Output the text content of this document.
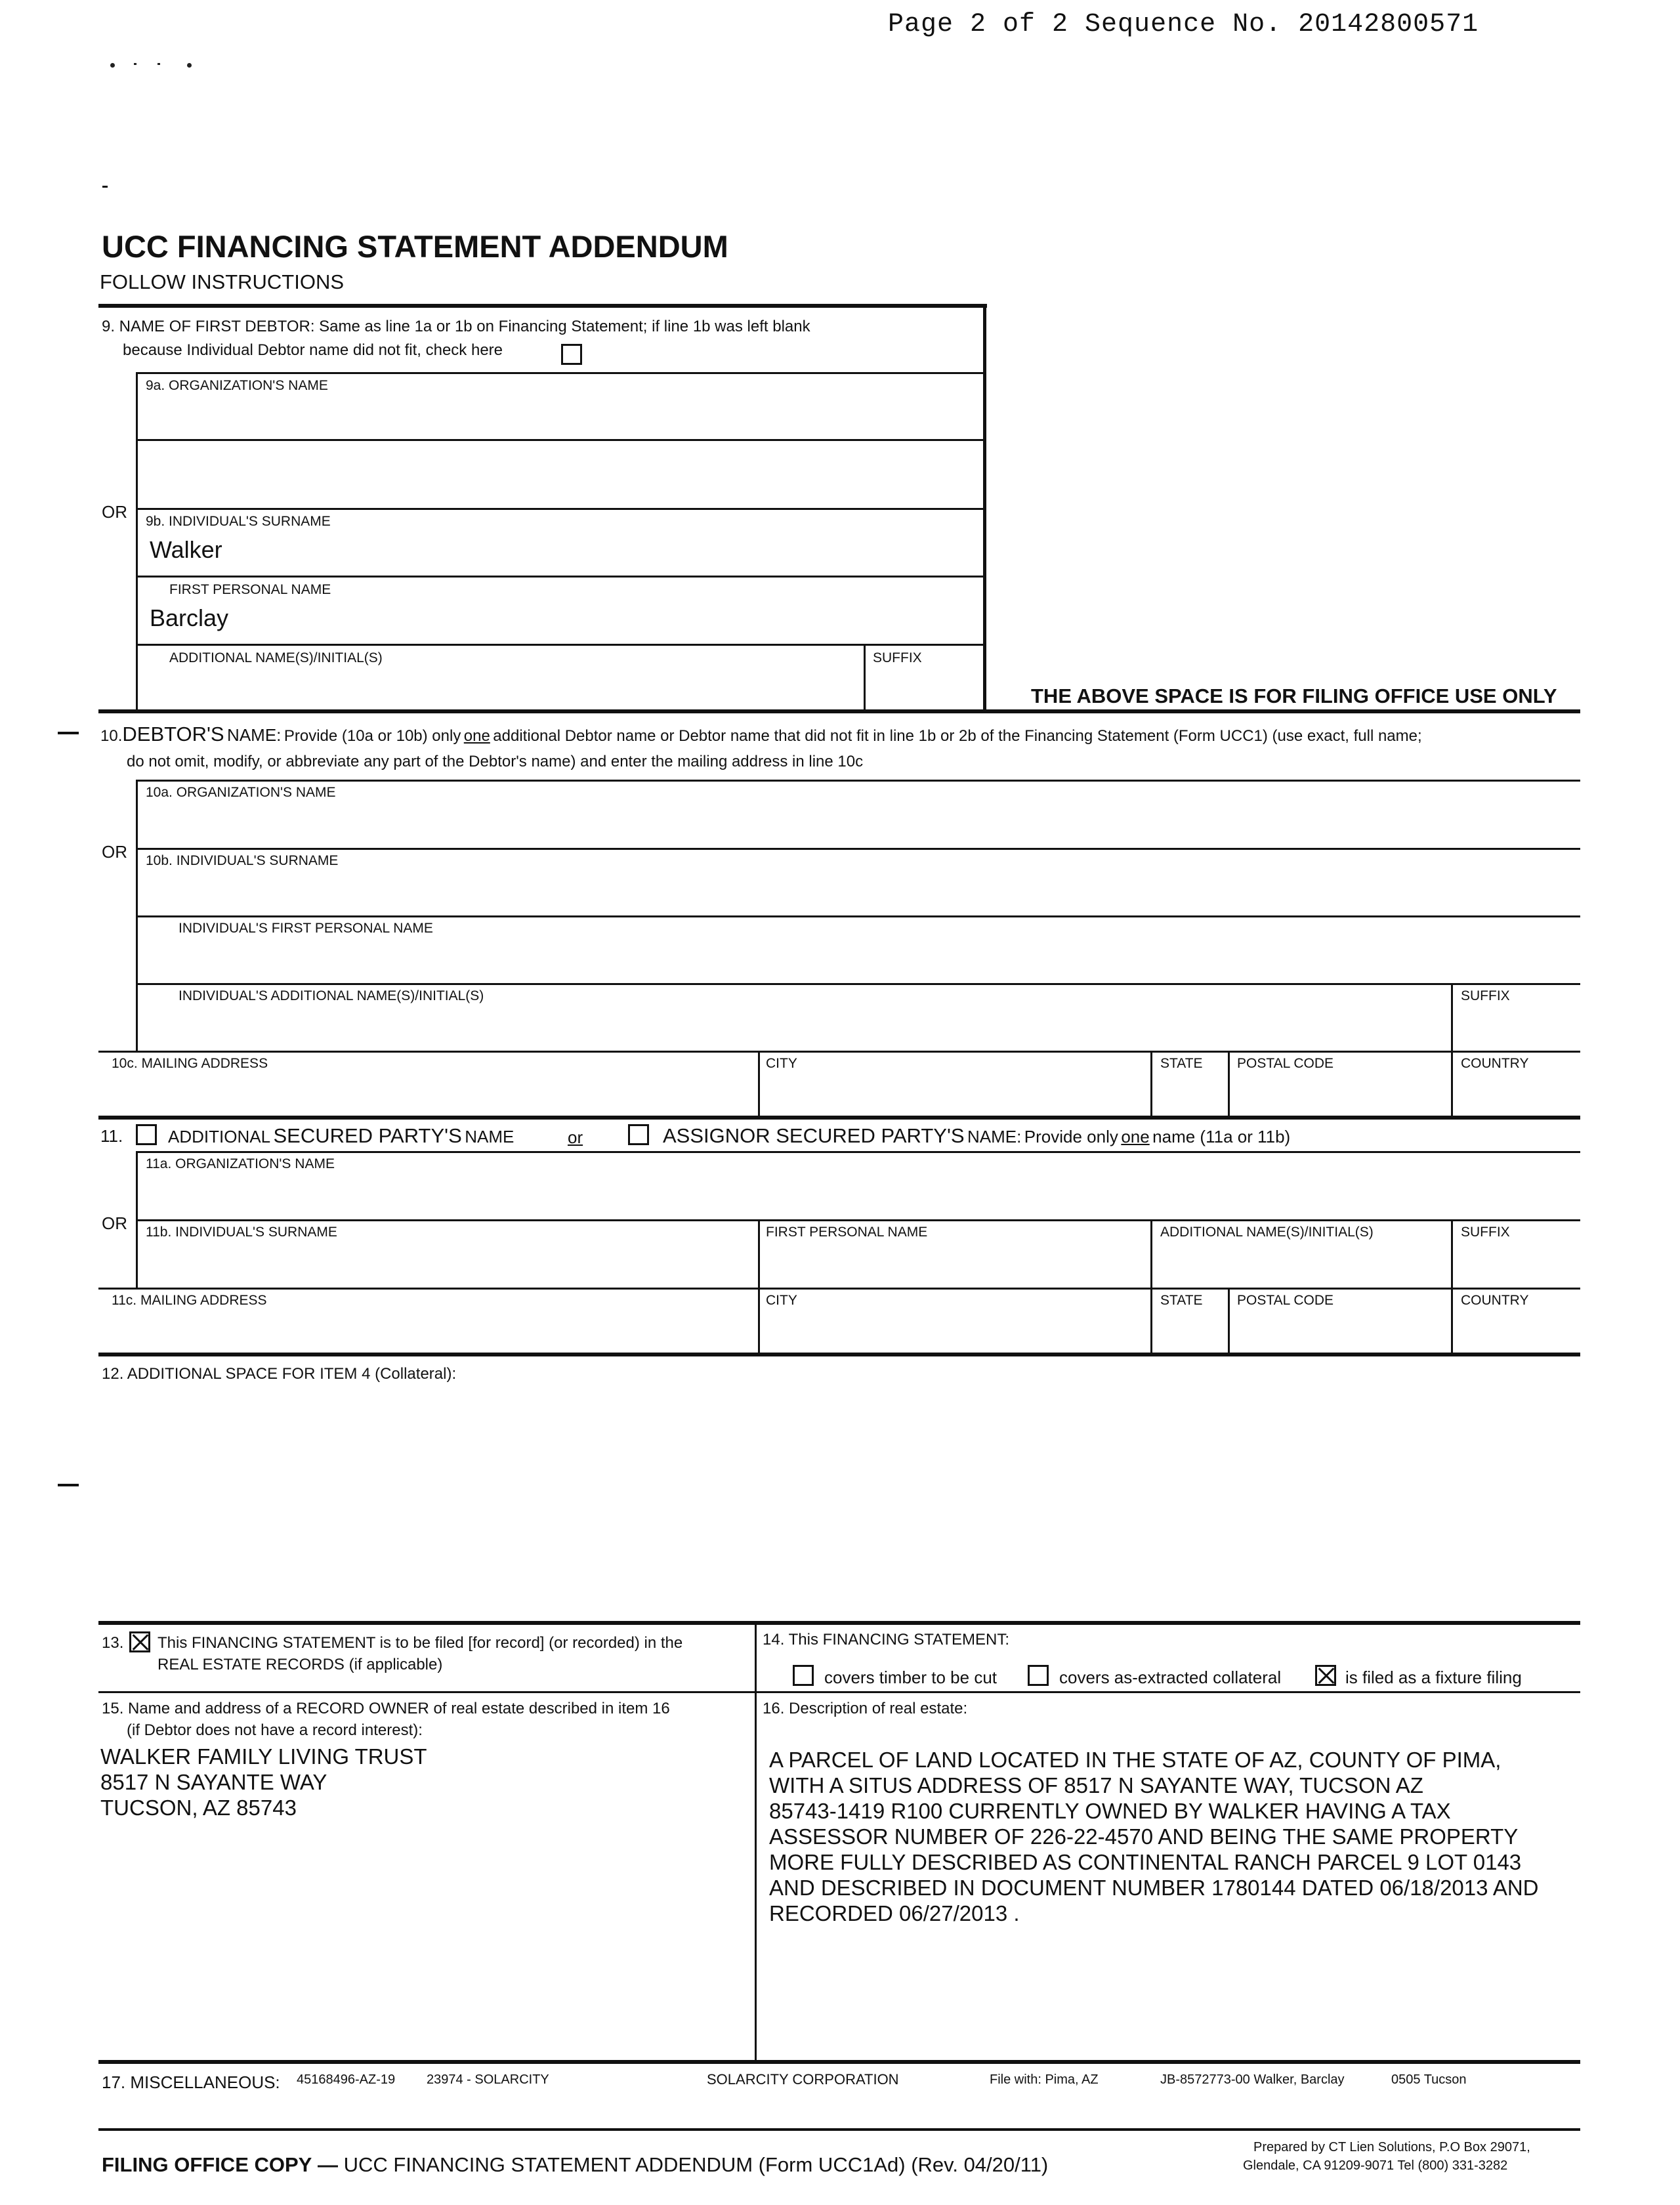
Page 2 of 2 Sequence No. 20142800571
UCC FINANCING STATEMENT ADDENDUM
FOLLOW INSTRUCTIONS
9. NAME OF FIRST DEBTOR: Same as line 1a or 1b on Financing Statement; if line 1b was left blank
because Individual Debtor name did not fit, check here
9a. ORGANIZATION'S NAME
OR 9b. INDIVIDUAL'S SURNAME
Walker
FIRST PERSONAL NAME
Barclay
ADDITIONAL NAME(S)/INITIAL(S)	SUFFIX
THE ABOVE SPACE IS FOR FILING OFFICE USE ONLY
10.DEBTOR'S NAME: Provide (10a or 10b) only one additional Debtor name or Debtor name that did not fit in line 1b or 2b of the Financing Statement (Form UCC1) (use exact, full name;
do not omit, modify, or abbreviate any part of the Debtor's name) and enter the mailing address in line 10c
10a. ORGANIZATION'S NAME
OR 10b. INDIVIDUAL'S SURNAME
INDIVIDUAL'S FIRST PERSONAL NAME
INDIVIDUAL'S ADDITIONAL NAME(S)/INITIAL(S)	SUFFIX
10c. MAILING ADDRESS	CITY	STATE POSTAL CODE	COUNTRY
11.	ADDITIONAL SECURED PARTY'S NAME	or	ASSIGNOR SECURED PARTY'S NAME: Provide only one name (11a or 11b)
11a. ORGANIZATION'S NAME
OR 11b. INDIVIDUAL'S SURNAME	FIRST PERSONAL NAME	ADDITIONAL NAME(S)/INITIAL(S)	SUFFIX
11c. MAILING ADDRESS	CITY	STATE POSTAL CODE	COUNTRY
12. ADDITIONAL SPACE FOR ITEM 4 (Collateral):
13. This FINANCING STATEMENT is to be filed [for record] (or recorded) in the
REAL ESTATE RECORDS (if applicable)
14. This FINANCING STATEMENT:
covers timber to be cut	covers as-extracted collateral	is filed as a fixture filing
15. Name and address of a RECORD OWNER of real estate described in item 16
(if Debtor does not have a record interest):
WALKER FAMILY LIVING TRUST
8517 N SAYANTE WAY
TUCSON, AZ 85743
16. Description of real estate:
A PARCEL OF LAND LOCATED IN THE STATE OF AZ, COUNTY OF PIMA,
WITH A SITUS ADDRESS OF 8517 N SAYANTE WAY, TUCSON AZ
85743-1419 R100 CURRENTLY OWNED BY WALKER HAVING A TAX
ASSESSOR NUMBER OF 226-22-4570 AND BEING THE SAME PROPERTY
MORE FULLY DESCRIBED AS CONTINENTAL RANCH PARCEL 9 LOT 0143
AND DESCRIBED IN DOCUMENT NUMBER 1780144 DATED 06/18/2013 AND
RECORDED 06/27/2013 .
17. MISCELLANEOUS: 45168496-AZ-19 23974 - SOLARCITY	SOLARCITY CORPORATION	File with: Pima, AZ	JB-8572773-00 Walker, Barclay	0505 Tucson
FILING OFFICE COPY — UCC FINANCING STATEMENT ADDENDUM (Form UCC1Ad) (Rev. 04/20/11)
Prepared by CT Lien Solutions, P.O Box 29071,
Glendale, CA 91209-9071 Tel (800) 331-3282
